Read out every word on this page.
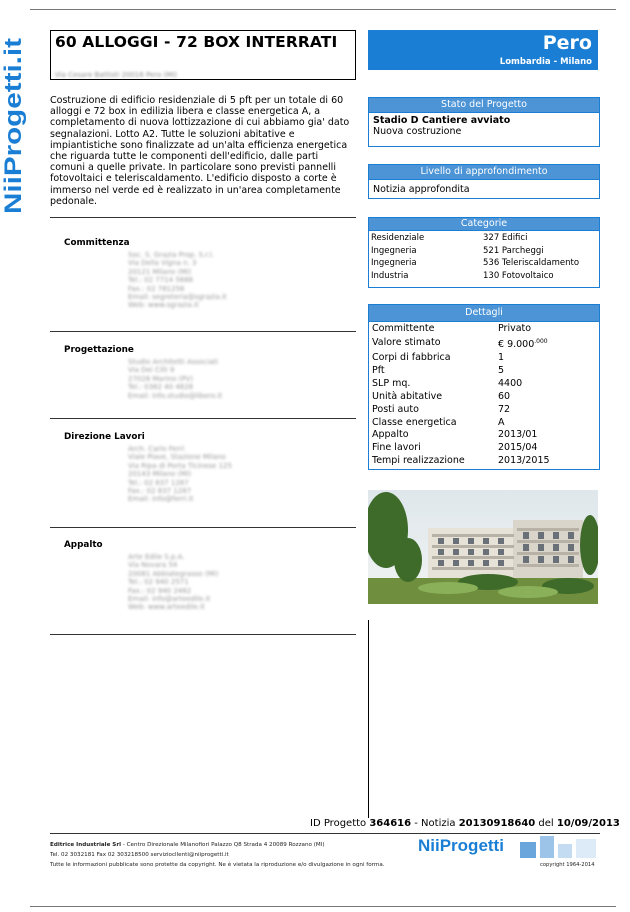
NiiProgetti.it
60 ALLOGGI - 72 BOX INTERRATI
Via Cesare Battisti 20016 Pero (MI)
Costruzione di edificio residenziale di 5 pft per un totale di 60 alloggi e 72 box in edilizia libera e classe energetica A, a completamento di nuova lottizzazione di cui abbiamo gia' dato segnalazioni. Lotto A2. Tutte le soluzioni abitative e impiantistiche sono finalizzate ad un'alta efficienza energetica che riguarda tutte le componenti dell'edificio, dalle parti comuni a quelle private. In particolare sono previsti pannelli fotovoltaici e teleriscaldamento. L'edificio disposto a corte è immerso nel verde ed è realizzato in un'area completamente pedonale.
Pero
Lombardia - Milano
Stato del Progetto
Stadio D Cantiere avviato
Nuova costruzione
Livello di approfondimento
Notizia approfondita
Categorie
Residenziale	327 Edifici
Ingegneria	521 Parcheggi
Ingegneria	536 Teleriscaldamento
Industria	130 Fotovoltaico
Dettagli
Committente	Privato
Valore stimato	€ $9.000^{.000}$
Corpi di fabbrica	1
Pft	5
SLP mq.	4400
Unità abitative	60
Posti auto	72
Classe energetica	A
Appalto	2013/01
Fine lavori	2015/04
Tempi realizzazione	2013/2015
Committenza
Soc. S. Grazia Prop. S.r.l.
Via Della Vigna n. 3
20121 Milano (MI)
Tel.: 02 7714 5666
Fax.: 02 781256
Email: segreteria@sgrazia.it
Web: www.sgrazia.it
Progettazione
Studio Architetti Associati
Via Dei Cilli 9
27026 Marino (PV)
Tel.: 0382 40 4828
Email: info.studio@libero.it
Direzione Lavori
Arch. Carlo Ferri
Viale Piave, Stazione Milano
Via Ripa di Porta Ticinese 125
20143 Milano (MI)
Tel.: 02 837 1287
Fax.: 02 837 1287
Email: info@ferri.it
Appalto
Arte Edile S.p.A.
Via Novara 54
20081 Abbiategrasso (MI)
Tel.: 02 940 2571
Fax.: 02 940 2482
Email: info@arteedile.it
Web: www.arteedile.it
ID Progetto 364616 - Notizia 20130918640 del 10/09/2013
Editrice Industriale Srl - Centro Direzionale Milanofiori Palazzo Q8 Strada 4 20089 Rozzano (MI)
Tel. 02 3032181 Fax 02 303218500 serviziocllenti@niiprogetti.it
Tutte le informazioni pubblicate sono protette da copyright. Ne è vietata la riproduzione e/o divulgazione in ogni forma.
NiiProgetti
copyright 1964-2014
